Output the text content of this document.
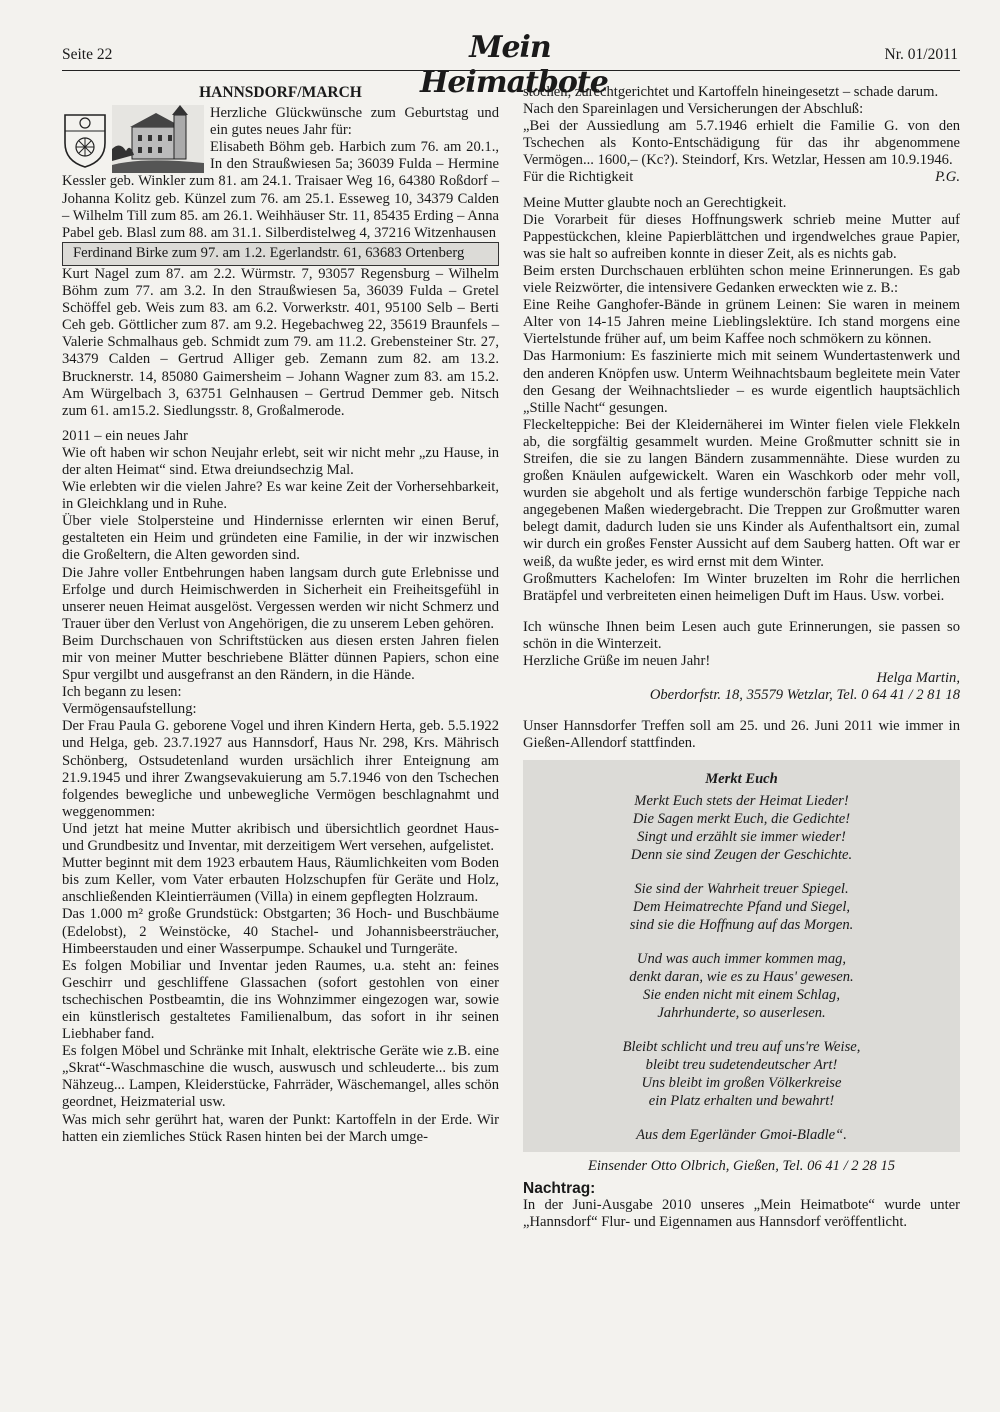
Seite 22	Mein Heimatbote
Nr. 01/2011

HANNSDORF/MARCH

Herzliche Glückwünsche zum Geburtstag und ein gutes neues Jahr für:

Elisabeth Böhm geb. Harbich zum 76. am 20.1., In den Straußwiesen 5a; 36039 Fulda – Hermine Kessler geb. Winkler zum 81. am 24.1. Traisaer Weg 16, 64380 Roßdorf – Johanna Kolitz geb. Künzel zum 76. am 25.1. Esseweg 10, 34379 Calden – Wilhelm Till zum 85. am 26.1. Weihhäuser Str. 11, 85435 Erding – Anna Pabel geb. Blasl zum 88. am 31.1. Silberdistelweg 4, 37216 Witzenhausen

Ferdinand Birke zum 97. am 1.2. Egerlandstr. 61, 63683 Ortenberg

Kurt Nagel zum 87. am 2.2. Würmstr. 7, 93057 Regensburg – Wilhelm Böhm zum 77. am 3.2. In den Straußwiesen 5a, 36039 Fulda – Gretel Schöffel geb. Weis zum 83. am 6.2. Vorwerkstr. 401, 95100 Selb – Berti Ceh geb. Göttlicher zum 87. am 9.2. Hegebachweg 22, 35619 Braunfels – Valerie Schmalhaus geb. Schmidt zum 79. am 11.2. Grebensteiner Str. 27, 34379 Calden – Gertrud Alliger geb. Zemann zum 82. am 13.2. Brucknerstr. 14, 85080 Gaimersheim – Johann Wagner zum 83. am 15.2. Am Würgelbach 3, 63751 Gelnhausen – Gertrud Demmer geb. Nitsch zum 61. am15.2. Siedlungsstr. 8, Großalmerode.

2011 – ein neues Jahr

Wie oft haben wir schon Neujahr erlebt, seit wir nicht mehr „zu Hause, in der alten Heimat“ sind. Etwa dreiundsechzig Mal.

Wie erlebten wir die vielen Jahre? Es war keine Zeit der Vorhersehbarkeit, in Gleichklang und in Ruhe.

Über viele Stolpersteine und Hindernisse erlernten wir einen Beruf, gestalteten ein Heim und gründeten eine Familie, in der wir inzwischen die Großeltern, die Alten geworden sind.

Die Jahre voller Entbehrungen haben langsam durch gute Erlebnisse und Erfolge und durch Heimischwerden in Sicherheit ein Freiheitsgefühl in unserer neuen Heimat ausgelöst. Vergessen werden wir nicht Schmerz und Trauer über den Verlust von Angehörigen, die zu unserem Leben gehören.

Beim Durchschauen von Schriftstücken aus diesen ersten Jahren fielen mir von meiner Mutter beschriebene Blätter dünnen Papiers, schon eine Spur vergilbt und ausgefranst an den Rändern, in die Hände.

Ich begann zu lesen:

Vermögensaufstellung:

Der Frau Paula G. geborene Vogel und ihren Kindern Herta, geb. 5.5.1922 und Helga, geb. 23.7.1927 aus Hannsdorf, Haus Nr. 298, Krs. Mährisch Schönberg, Ostsudetenland wurden ursächlich ihrer Enteignung am 21.9.1945 und ihrer Zwangsevakuierung am 5.7.1946 von den Tschechen folgendes bewegliche und unbewegliche Vermögen beschlagnahmt und weggenommen:

Und jetzt hat meine Mutter akribisch und übersichtlich geordnet Haus- und Grundbesitz und Inventar, mit derzeitigem Wert versehen, aufgelistet.

Mutter beginnt mit dem 1923 erbautem Haus, Räumlichkeiten vom Boden bis zum Keller, vom Vater erbauten Holzschupfen für Geräte und Holz, anschließenden Kleintierräumen (Villa) in einem gepflegten Holzraum.

Das 1.000 m² große Grundstück: Obstgarten; 36 Hoch- und Buschbäume (Edelobst), 2 Weinstöcke, 40 Stachel- und Johannisbeersträucher, Himbeerstauden und einer Wasserpumpe. Schaukel und Turngeräte.

Es folgen Mobiliar und Inventar jeden Raumes, u.a. steht an: feines Geschirr und geschliffene Glassachen (sofort gestohlen von einer tschechischen Postbeamtin, die ins Wohnzimmer eingezogen war, sowie ein künstlerisch gestaltetes Familienalbum, das sofort in ihr seinen Liebhaber fand.

Es folgen Möbel und Schränke mit Inhalt, elektrische Geräte wie z.B. eine „Skrat“-Waschmaschine die wusch, auswusch und schleuderte... bis zum Nähzeug... Lampen, Kleiderstücke, Fahrräder, Wäschemangel, alles schön geordnet, Heizmaterial usw.

Was mich sehr gerührt hat, waren der Punkt: Kartoffeln in der Erde. Wir hatten ein ziemliches Stück Rasen hinten bei der March umge-

stochen, zurechtgerichtet und Kartoffeln hineingesetzt – schade darum.

Nach den Spareinlagen und Versicherungen der Abschluß:

„Bei der Aussiedlung am 5.7.1946 erhielt die Familie G. von den Tschechen als Konto-Entschädigung für das ihr abgenommene Vermögen... 1600,– (Kc?). Steindorf, Krs. Wetzlar, Hessen am 10.9.1946.

Für die Richtigkeit	P.G.

Meine Mutter glaubte noch an Gerechtigkeit.

Die Vorarbeit für dieses Hoffnungswerk schrieb meine Mutter auf Pappestückchen, kleine Papierblättchen und irgendwelches graue Papier, was sie halt so aufreiben konnte in dieser Zeit, als es nichts gab.

Beim ersten Durchschauen erblühten schon meine Erinnerungen. Es gab viele Reizwörter, die intensivere Gedanken erweckten wie z. B.:

Eine Reihe Ganghofer-Bände in grünem Leinen: Sie waren in meinem Alter von 14-15 Jahren meine Lieblingslektüre. Ich stand morgens eine Viertelstunde früher auf, um beim Kaffee noch schmökern zu können.

Das Harmonium: Es faszinierte mich mit seinem Wundertastenwerk und den anderen Knöpfen usw. Unterm Weihnachtsbaum begleitete mein Vater den Gesang der Weihnachtslieder – es wurde eigentlich hauptsächlich „Stille Nacht“ gesungen.

Fleckelteppiche: Bei der Kleidernäherei im Winter fielen viele Flekkeln ab, die sorgfältig gesammelt wurden. Meine Großmutter schnitt sie in Streifen, die sie zu langen Bändern zusammennähte. Diese wurden zu großen Knäulen aufgewickelt. Waren ein Waschkorb oder mehr voll, wurden sie abgeholt und als fertige wunderschön farbige Teppiche nach angegebenen Maßen wiedergebracht. Die Treppen zur Großmutter waren belegt damit, dadurch luden sie uns Kinder als Aufenthaltsort ein, zumal wir durch ein großes Fenster Aussicht auf dem Sauberg hatten. Oft war er weiß, da wußte jeder, es wird ernst mit dem Winter.

Großmutters Kachelofen: Im Winter bruzelten im Rohr die herrlichen Bratäpfel und verbreiteten einen heimeligen Duft im Haus. Usw. vorbei.

Ich wünsche Ihnen beim Lesen auch gute Erinnerungen, sie passen so schön in die Winterzeit.

Herzliche Grüße im neuen Jahr!

Helga Martin,

Oberdorfstr. 18, 35579 Wetzlar, Tel. 0 64 41 / 2 81 18

Unser Hannsdorfer Treffen soll am 25. und 26. Juni 2011 wie immer in Gießen-Allendorf stattfinden.

Merkt Euch
Merkt Euch stets der Heimat Lieder!
Die Sagen merkt Euch, die Gedichte!
Singt und erzählt sie immer wieder!
Denn sie sind Zeugen der Geschichte.
Sie sind der Wahrheit treuer Spiegel.
Dem Heimatrechte Pfand und Siegel,
sind sie die Hoffnung auf das Morgen.
Und was auch immer kommen mag,
denkt daran, wie es zu Haus' gewesen.
Sie enden nicht mit einem Schlag,
Jahrhunderte, so auserlesen.
Bleibt schlicht und treu auf uns're Weise,
bleibt treu sudetendeutscher Art!
Uns bleibt im großen Völkerkreise
ein Platz erhalten und bewahrt!
Aus dem Egerländer Gmoi-Bladle“.

Einsender Otto Olbrich, Gießen, Tel. 06 41 / 2 28 15

Nachtrag:

In der Juni-Ausgabe 2010 unseres „Mein Heimatbote“ wurde unter „Hannsdorf“ Flur- und Eigennamen aus Hannsdorf veröffentlicht.
